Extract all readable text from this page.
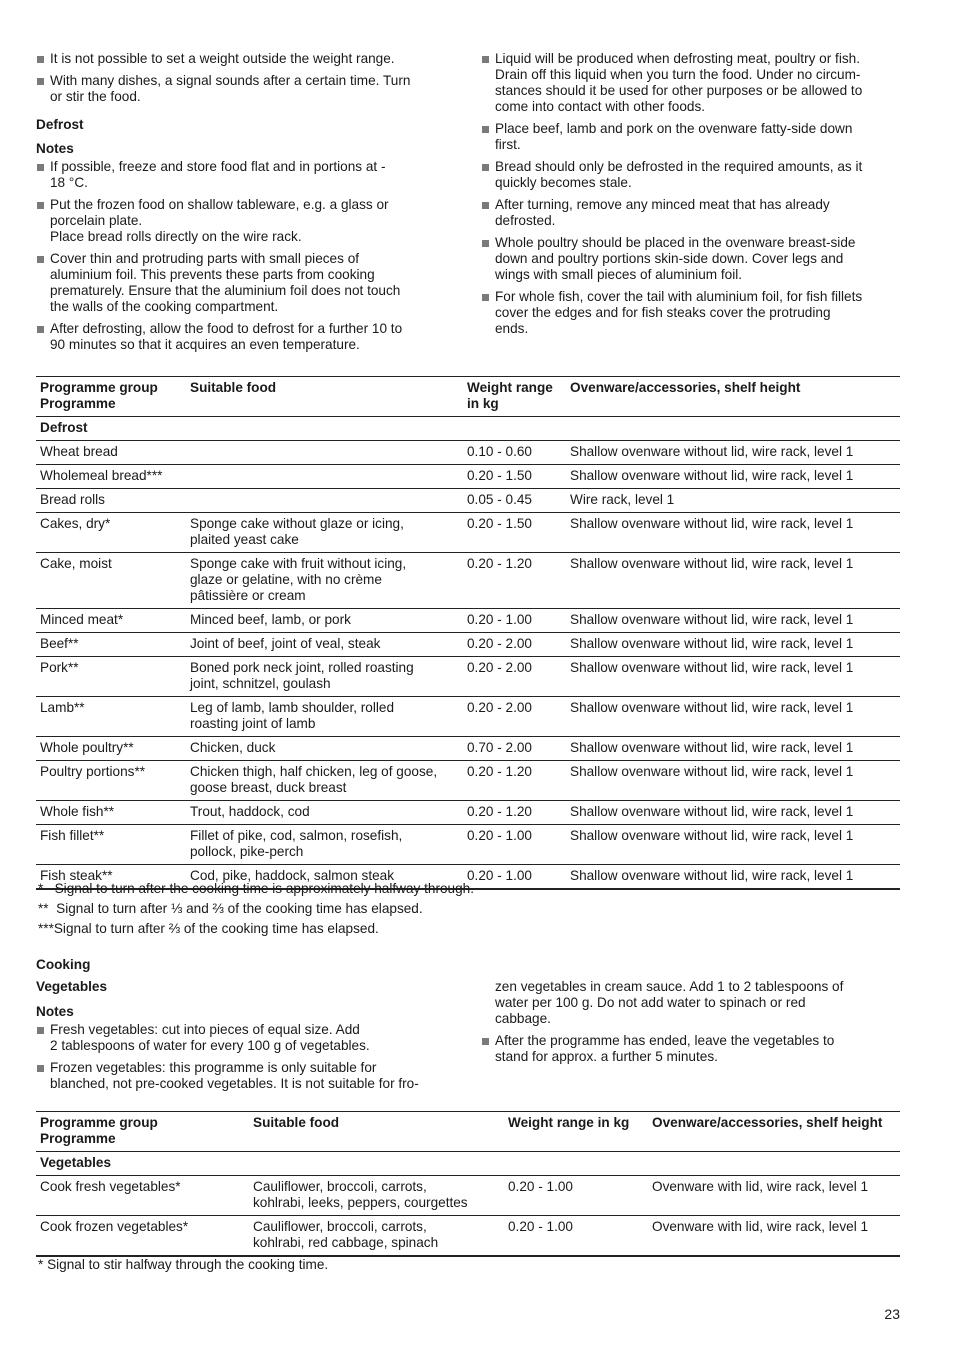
It is not possible to set a weight outside the weight range.
With many dishes, a signal sounds after a certain time. Turn
or stir the food.
Defrost
Notes
If possible, freeze and store food flat and in portions at -
18 °C.
Put the frozen food on shallow tableware, e.g. a glass or
porcelain plate.
Place bread rolls directly on the wire rack.
Cover thin and protruding parts with small pieces of
aluminium foil. This prevents these parts from cooking
prematurely. Ensure that the aluminium foil does not touch
the walls of the cooking compartment.
After defrosting, allow the food to defrost for a further 10 to
90 minutes so that it acquires an even temperature.
Liquid will be produced when defrosting meat, poultry or fish.
Drain off this liquid when you turn the food. Under no circum-
stances should it be used for other purposes or be allowed to
come into contact with other foods.
Place beef, lamb and pork on the ovenware fatty-side down
first.
Bread should only be defrosted in the required amounts, as it
quickly becomes stale.
After turning, remove any minced meat that has already
defrosted.
Whole poultry should be placed in the ovenware breast-side
down and poultry portions skin-side down. Cover legs and
wings with small pieces of aluminium foil.
For whole fish, cover the tail with aluminium foil, for fish fillets
cover the edges and for fish steaks cover the protruding
ends.
Programme group
Programme	Suitable food	Weight range
in kg	Ovenware/accessories, shelf height
Defrost			
Wheat bread		0.10 - 0.60	Shallow ovenware without lid, wire rack, level 1
Wholemeal bread***		0.20 - 1.50	Shallow ovenware without lid, wire rack, level 1
Bread rolls		0.05 - 0.45	Wire rack, level 1
Cakes, dry*	Sponge cake without glaze or icing,
plaited yeast cake	0.20 - 1.50	Shallow ovenware without lid, wire rack, level 1
Cake, moist	Sponge cake with fruit without icing,
glaze or gelatine, with no crème
pâtissière or cream	0.20 - 1.20	Shallow ovenware without lid, wire rack, level 1
Minced meat*	Minced beef, lamb, or pork	0.20 - 1.00	Shallow ovenware without lid, wire rack, level 1
Beef**	Joint of beef, joint of veal, steak	0.20 - 2.00	Shallow ovenware without lid, wire rack, level 1
Pork**	Boned pork neck joint, rolled roasting
joint, schnitzel, goulash	0.20 - 2.00	Shallow ovenware without lid, wire rack, level 1
Lamb**	Leg of lamb, lamb shoulder, rolled
roasting joint of lamb	0.20 - 2.00	Shallow ovenware without lid, wire rack, level 1
Whole poultry**	Chicken, duck	0.70 - 2.00	Shallow ovenware without lid, wire rack, level 1
Poultry portions**	Chicken thigh, half chicken, leg of goose,
goose breast, duck breast	0.20 - 1.20	Shallow ovenware without lid, wire rack, level 1
Whole fish**	Trout, haddock, cod	0.20 - 1.20	Shallow ovenware without lid, wire rack, level 1
Fish fillet**	Fillet of pike, cod, salmon, rosefish,
pollock, pike-perch	0.20 - 1.00	Shallow ovenware without lid, wire rack, level 1
Fish steak**	Cod, pike, haddock, salmon steak	0.20 - 1.00	Shallow ovenware without lid, wire rack, level 1
*   Signal to turn after the cooking time is approximately halfway through.
**  Signal to turn after ⅓ and ⅔ of the cooking time has elapsed.
***Signal to turn after ⅔ of the cooking time has elapsed.
Cooking
Vegetables
Notes
Fresh vegetables: cut into pieces of equal size. Add
2 tablespoons of water for every 100 g of vegetables.
Frozen vegetables: this programme is only suitable for
blanched, not pre-cooked vegetables. It is not suitable for fro-
zen vegetables in cream sauce. Add 1 to 2 tablespoons of
water per 100 g. Do not add water to spinach or red
cabbage.
After the programme has ended, leave the vegetables to
stand for approx. a further 5 minutes.
Programme group
Programme	Suitable food	Weight range in kg	Ovenware/accessories, shelf height
Vegetables			
Cook fresh vegetables*	Cauliflower, broccoli, carrots,
kohlrabi, leeks, peppers, courgettes	0.20 - 1.00	Ovenware with lid, wire rack, level 1
Cook frozen vegetables*	Cauliflower, broccoli, carrots,
kohlrabi, red cabbage, spinach	0.20 - 1.00	Ovenware with lid, wire rack, level 1
* Signal to stir halfway through the cooking time.
23
